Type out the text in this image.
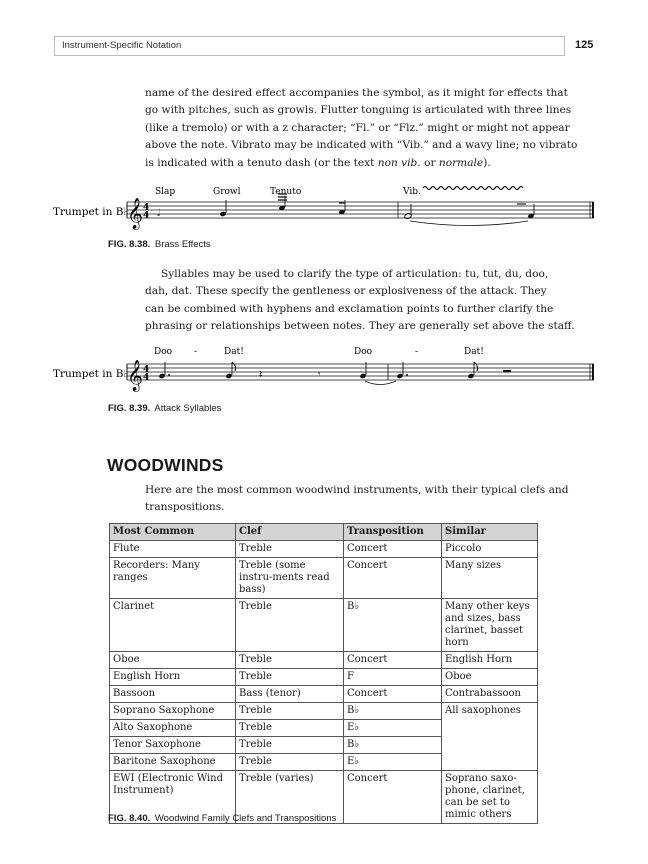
Instrument-Specific Notation	125
name of the desired effect accompanies the symbol, as it might for effects that
go with pitches, such as growls. Flutter tonguing is articulated with three lines
(like a tremolo) or with a z character; “Fl.” or “Flz.” might or might not appear
above the note. Vibrato may be indicated with “Vib.” and a wavy line; no vibrato
is indicated with a tenuto dash (or the text non vib. or normale).
Trumpet in B♭
Slap	Growl	Tenuto	Vib.
𝄞 4
4 𝅗𝅥
FIG. 8.38. Brass Effects
Syllables may be used to clarify the type of articulation: tu, tut, du, doo,
dah, dat. These specify the gentleness or explosiveness of the attack. They
can be combined with hyphens and exclamation points to further clarify the
phrasing or relationships between notes. They are generally set above the staff.
Trumpet in B♭
Doo -	Dat!	Doo	-	Dat!
𝄞 4
4	𝄽	𝄾
FIG. 8.39. Attack Syllables
WOODWINDS
Here are the most common woodwind instruments, with their typical clefs and
transpositions.
Most Common	Clef	Transposition	Similar
Flute	Treble	Concert	Piccolo
Recorders: Many ranges	Treble (some instru-ments read bass)	Concert	Many sizes
Clarinet	Treble	B♭	Many other keys and sizes, bass clarinet, basset horn
Oboe	Treble	Concert	English Horn
English Horn	Treble	F	Oboe
Bassoon	Bass (tenor)	Concert	Contrabassoon
Soprano Saxophone	Treble	B♭	All saxophones
Alto Saxophone	Treble	E♭	
Tenor Saxophone	Treble	B♭	
Baritone Saxophone	Treble	E♭	
EWI (Electronic Wind Instrument)	Treble (varies)	Concert	Soprano saxo-phone, clarinet, can be set to mimic others
FIG. 8.40. Woodwind Family Clefs and Transpositions
